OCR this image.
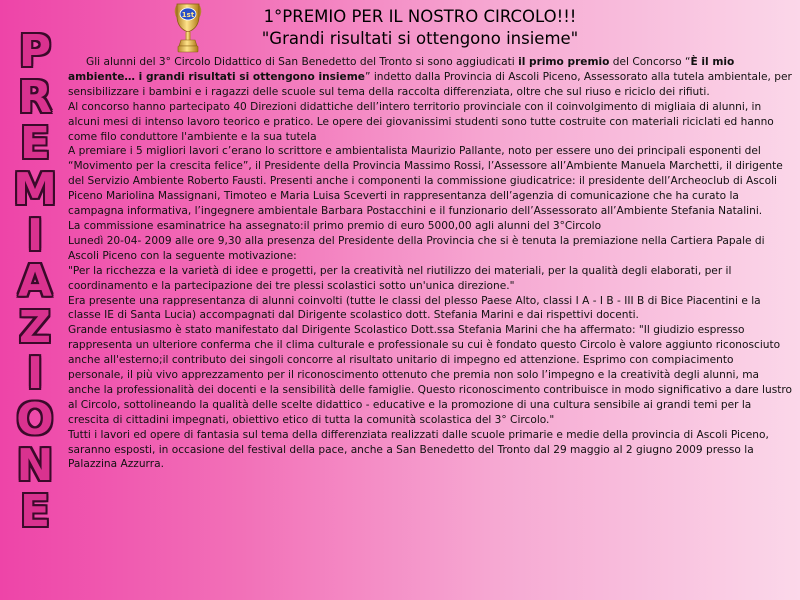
1st	1°PREMIO PER IL NOSTRO CIRCOLO!!!
"Grandi risultati si ottengono insieme"
P
R
E
M
I
A
Z
I
O
N
E

Gli alunni del 3° Circolo Didattico di San Benedetto del Tronto si sono aggiudicati il primo premio del Concorso “È il mio ambiente… i grandi risultati si ottengono insieme” indetto dalla Provincia di Ascoli Piceno, Assessorato alla tutela ambientale, per sensibilizzare i bambini e i ragazzi delle scuole sul tema della raccolta differenziata, oltre che sul riuso e riciclo dei rifiuti.

Al concorso hanno partecipato 40 Direzioni didattiche dell’intero territorio provinciale con il coinvolgimento di migliaia di alunni, in alcuni mesi di intenso lavoro teorico e pratico. Le opere dei giovanissimi studenti sono tutte costruite con materiali riciclati ed hanno come filo conduttore l'ambiente e la sua tutela

A premiare i 5 migliori lavori c’erano lo scrittore e ambientalista Maurizio Pallante, noto per essere uno dei principali esponenti del “Movimento per la crescita felice”, il Presidente della Provincia Massimo Rossi, l’Assessore all’Ambiente Manuela Marchetti, il dirigente del Servizio Ambiente Roberto Fausti. Presenti anche i componenti la commissione giudicatrice: il presidente dell’Archeoclub di Ascoli Piceno Mariolina Massignani, Timoteo e Maria Luisa Sceverti in rappresentanza dell’agenzia di comunicazione che ha curato la campagna informativa, l’ingegnere ambientale Barbara Postacchini e il funzionario dell’Assessorato all’Ambiente Stefania Natalini.

La commissione esaminatrice ha assegnato:il primo premio di euro 5000,00 agli alunni del 3°Circolo

Lunedì 20-04- 2009 alle ore 9,30 alla presenza del Presidente della Provincia che si è tenuta la premiazione nella Cartiera Papale di Ascoli Piceno con la seguente motivazione:

"Per la ricchezza e la varietà di idee e progetti, per la creatività nel riutilizzo dei materiali, per la qualità degli elaborati, per il coordinamento e la partecipazione dei tre plessi scolastici sotto un'unica direzione."

Era presente una rappresentanza di alunni coinvolti (tutte le classi del plesso Paese Alto, classi I A - I B - III B di Bice Piacentini e la classe IE di Santa Lucia) accompagnati dal Dirigente scolastico dott. Stefania Marini e dai rispettivi docenti.

Grande entusiasmo è stato manifestato dal Dirigente Scolastico Dott.ssa Stefania Marini che ha affermato: "Il giudizio espresso rappresenta un ulteriore conferma che il clima culturale e professionale su cui è fondato questo Circolo è valore aggiunto riconosciuto anche all'esterno;il contributo dei singoli concorre al risultato unitario di impegno ed attenzione. Esprimo con compiacimento personale, il più vivo apprezzamento per il riconoscimento ottenuto che premia non solo l’impegno e la creatività degli alunni, ma anche la professionalità dei docenti e la sensibilità delle famiglie. Questo riconoscimento contribuisce in modo significativo a dare lustro al Circolo, sottolineando la qualità delle scelte didattico - educative e la promozione di una cultura sensibile ai grandi temi per la crescita di cittadini impegnati, obiettivo etico di tutta la comunità scolastica del 3° Circolo."

Tutti i lavori ed opere di fantasia sul tema della differenziata realizzati dalle scuole primarie e medie della provincia di Ascoli Piceno, saranno esposti, in occasione del festival della pace, anche a San Benedetto del Tronto dal 29 maggio al 2 giugno 2009 presso la Palazzina Azzurra.
